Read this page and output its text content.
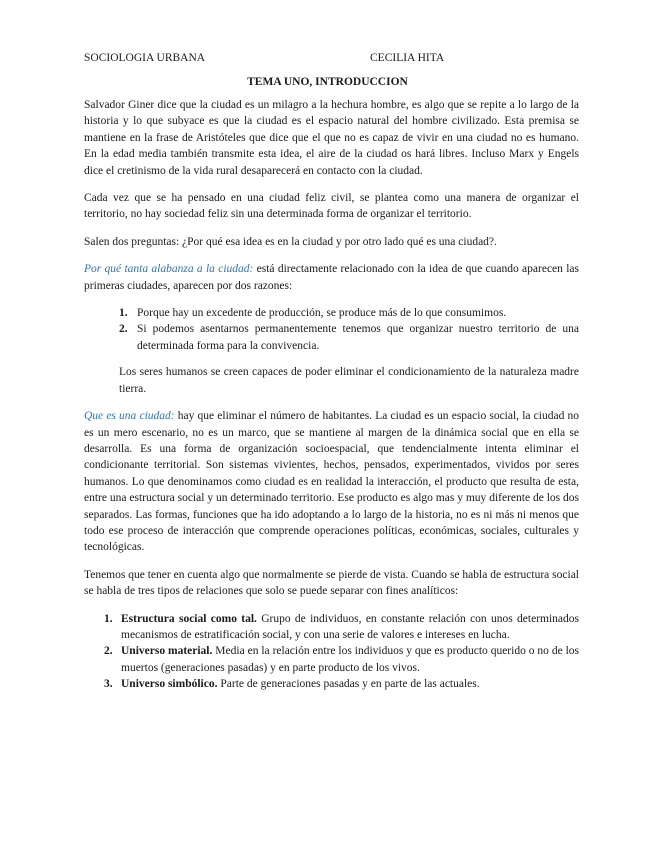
SOCIOLOGIA URBANA	CECILIA HITA
TEMA UNO, INTRODUCCION

Salvador Giner dice que la ciudad es un milagro a la hechura hombre, es algo que se repite a lo largo de la historia y lo que subyace es que la ciudad es el espacio natural del hombre civilizado. Esta premisa se mantiene en la frase de Aristóteles que dice que el que no es capaz de vivir en una ciudad no es humano. En la edad media también transmite esta idea, el aire de la ciudad os hará libres. Incluso Marx y Engels dice el cretinismo de la vida rural desaparecerá en contacto con la ciudad.

Cada vez que se ha pensado en una ciudad feliz civil, se plantea como una manera de organizar el territorio, no hay sociedad feliz sin una determinada forma de organizar el territorio.

Salen dos preguntas: ¿Por qué esa idea es en la ciudad y por otro lado qué es una ciudad?.

Por qué tanta alabanza a la ciudad: está directamente relacionado con la idea de que cuando aparecen las primeras ciudades, aparecen por dos razones:

1. Porque hay un excedente de producción, se produce más de lo que consumimos.
2. Si podemos asentarnos permanentemente tenemos que organizar nuestro territorio de una determinada forma para la convivencia.

Los seres humanos se creen capaces de poder eliminar el condicionamiento de la naturaleza madre tierra.

Que es una ciudad: hay que eliminar el número de habitantes. La ciudad es un espacio social, la ciudad no es un mero escenario, no es un marco, que se mantiene al margen de la dinámica social que en ella se desarrolla. Es una forma de organización socioespacial, que tendencialmente intenta eliminar el condicionante territorial. Son sistemas vivientes, hechos, pensados, experimentados, vividos por seres humanos. Lo que denominamos como ciudad es en realidad la interacción, el producto que resulta de esta, entre una estructura social y un determinado territorio. Ese producto es algo mas y muy diferente de los dos separados. Las formas, funciones que ha ido adoptando a lo largo de la historia, no es ni más ni menos que todo ese proceso de interacción que comprende operaciones políticas, económicas, sociales, culturales y tecnológicas.

Tenemos que tener en cuenta algo que normalmente se pierde de vista. Cuando se habla de estructura social se habla de tres tipos de relaciones que solo se puede separar con fines analíticos:

1. Estructura social como tal. Grupo de individuos, en constante relación con unos determinados mecanismos de estratificación social, y con una serie de valores e intereses en lucha.
2. Universo material. Media en la relación entre los individuos y que es producto querido o no de los muertos (generaciones pasadas) y en parte producto de los vivos.
3. Universo simbólico. Parte de generaciones pasadas y en parte de las actuales.
